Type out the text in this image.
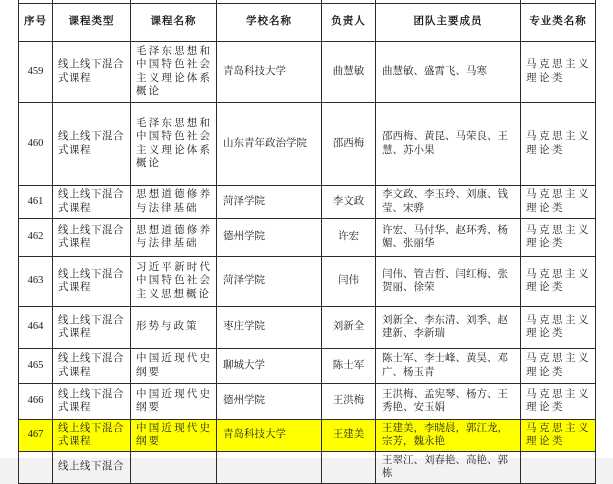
序号	课程类型	课程名称	学校名称	负责人	团队主要成员	专业类名称
459	线上线下混合式课程	毛泽东思想和中国特色社会主义理论体系概论	青岛科技大学	曲慧敏	曲慧敏、盛霄飞、马寒	马克思主义理论类
460	线上线下混合式课程	毛泽东思想和中国特色社会主义理论体系概论	山东青年政治学院	邵西梅	邵西梅、黄昆、马荣良、王慧、苏小果	马克思主义理论类
461	线上线下混合式课程	思想道德修养与法律基础	菏泽学院	李文政	李文政、李玉玲、刘康、钱莹、宋骅	马克思主义理论类
462	线上线下混合式课程	思想道德修养与法律基础	德州学院	许宏	许宏、马付华、赵环秀、杨媚、张丽华	马克思主义理论类
463	线上线下混合式课程	习近平新时代中国特色社会主义思想概论	菏泽学院	闫伟	闫伟、管吉哲、闫红梅、张贺丽、徐荣	马克思主义理论类
464	线上线下混合式课程	形势与政策	枣庄学院	刘新全	刘新全、李东清、刘季、赵建新、李新瑞	马克思主义理论类
465	线上线下混合式课程	中国近现代史纲要	聊城大学	陈士军	陈士军、李士峰、黄昊、邓广、杨玉青	马克思主义理论类
466	线上线下混合式课程	中国近现代史纲要	德州学院	王洪梅	王洪梅、孟宪琴、杨方、王秀艳、安玉娟	马克思主义理论类
467	线上线下混合式课程	中国近现代史纲要	青岛科技大学	王建美	王建美，李晓晨，郭江龙，宗芳，魏永艳	马克思主义理论类
	线上线下混合				王翠江、刘春艳、高艳、郭栋	
